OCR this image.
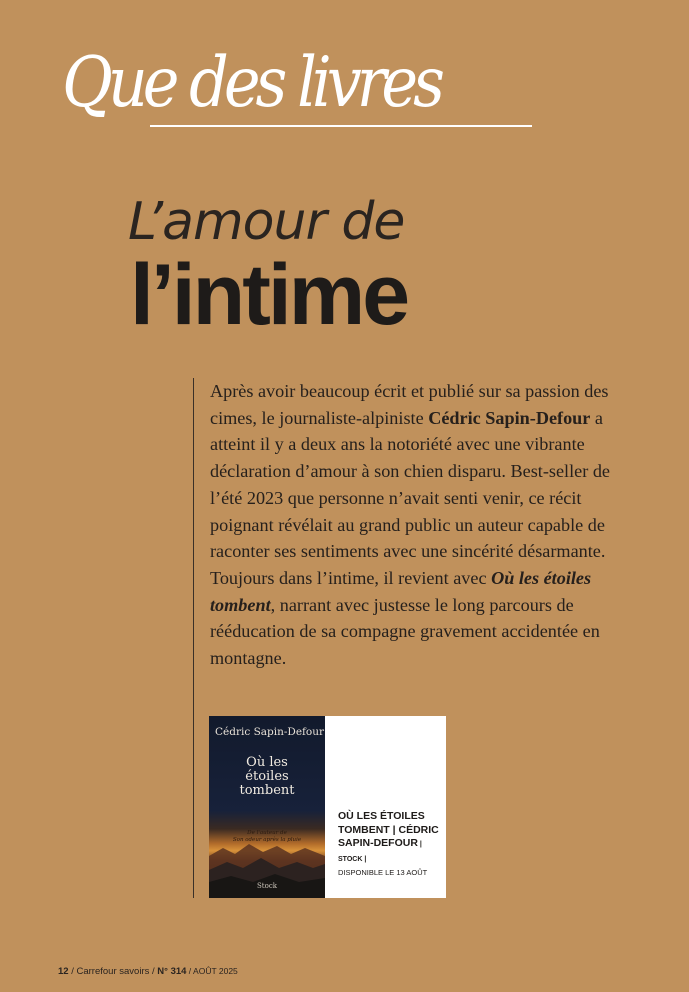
Que des livres
L’amour de
l’intime

Après avoir beaucoup écrit et publié sur sa passion des cimes, le journaliste-alpiniste Cédric Sapin-Defour a atteint il y a deux ans la notoriété avec une vibrante déclaration d’amour à son chien disparu. Best-seller de l’été 2023 que personne n’avait senti venir, ce récit poignant révélait au grand public un auteur capable de raconter ses sentiments avec une sincérité désarmante. Toujours dans l’intime, il revient avec Où les étoiles tombent, narrant avec justesse le long parcours de rééducation de sa compagne gravement accidentée en montagne.

Cédric Sapin-Defour
Où les
étoiles
tombent
De l'auteur de
Son odeur après la pluie
Stock
OÙ LES ÉTOILES TOMBENT | CÉDRIC SAPIN-DEFOUR | STOCK |
DISPONIBLE LE 13 AOÛT
12 / Carrefour savoirs / N° 314 / AOÛT 2025
